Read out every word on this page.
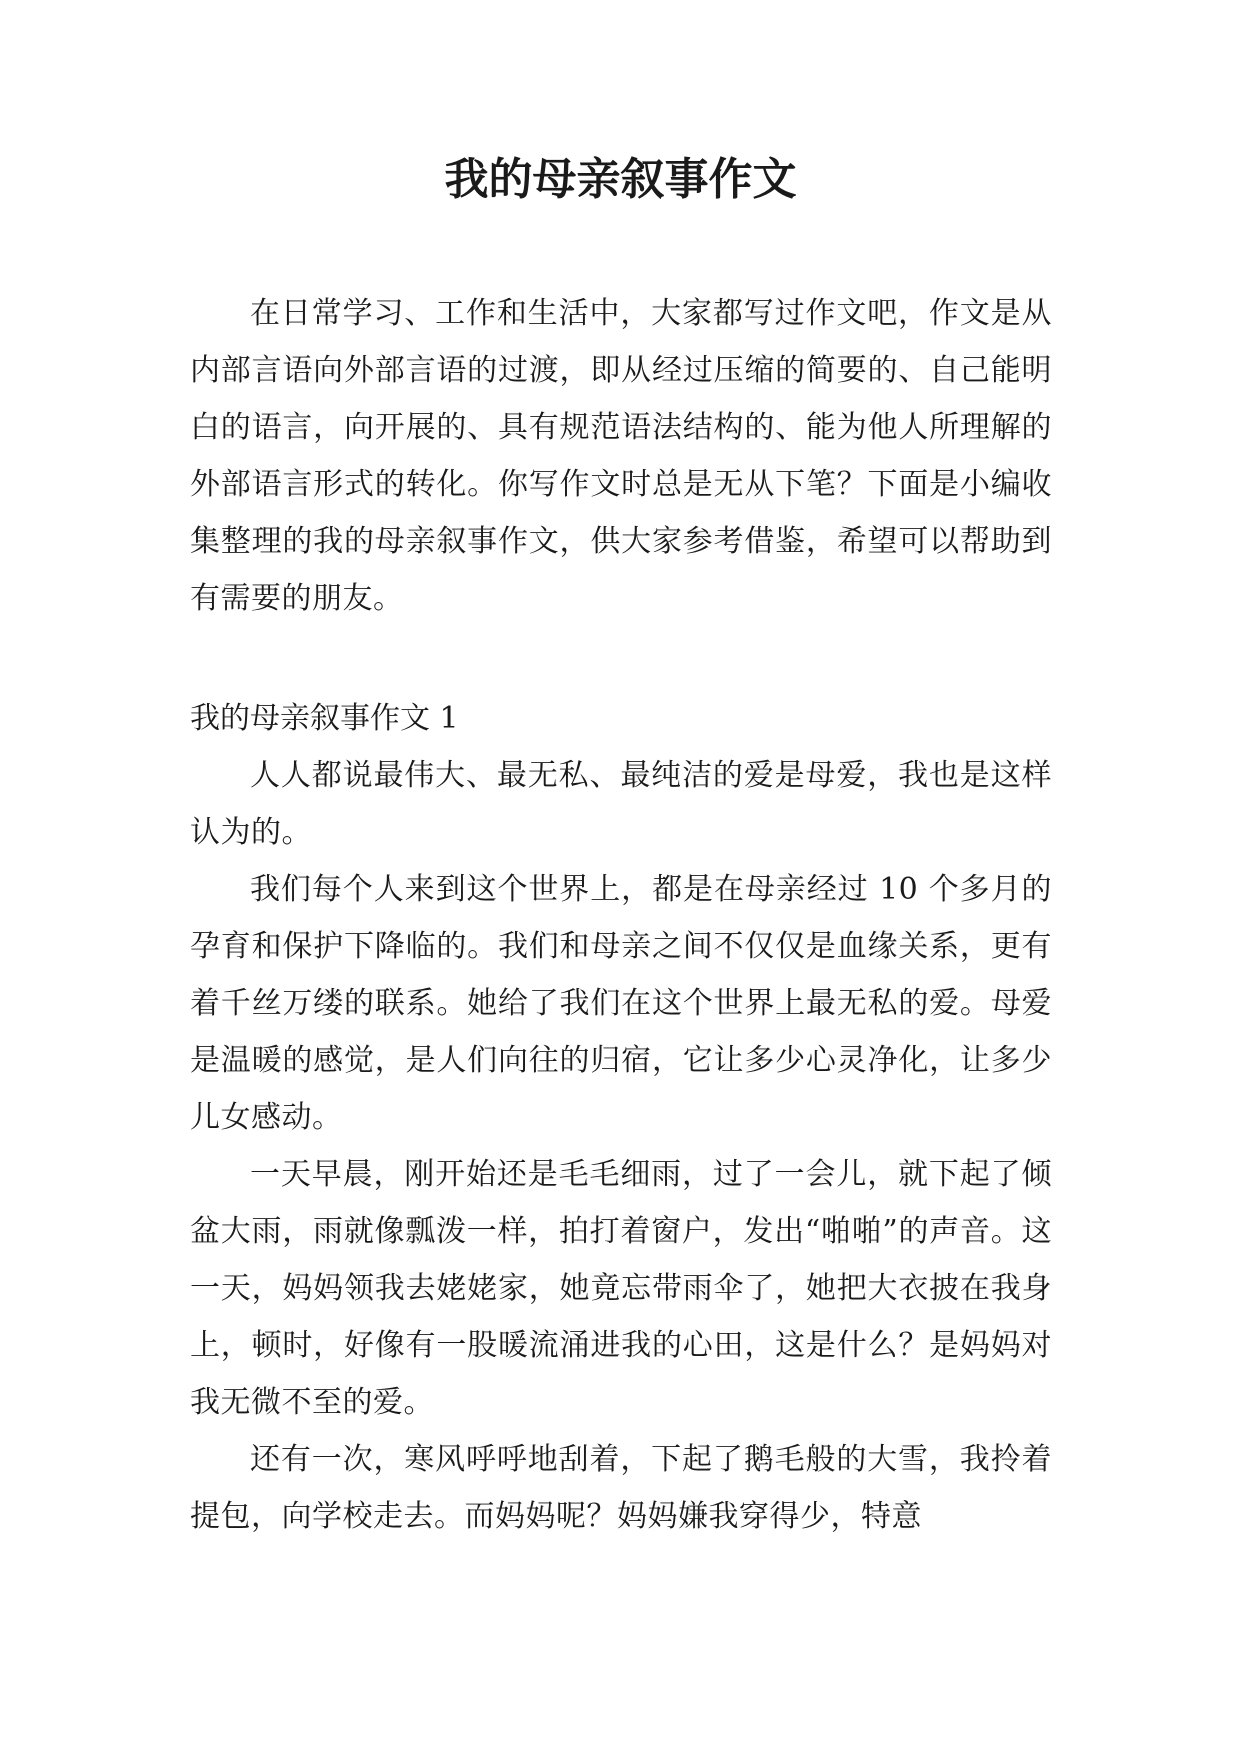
我的母亲叙事作文

在日常学习、工作和生活中，大家都写过作文吧，作文是从内部言语向外部言语的过渡，即从经过压缩的简要的、自己能明白的语言，向开展的、具有规范语法结构的、能为他人所理解的外部语言形式的转化。你写作文时总是无从下笔？下面是小编收集整理的我的母亲叙事作文，供大家参考借鉴，希望可以帮助到有需要的朋友。

我的母亲叙事作文 1

人人都说最伟大、最无私、最纯洁的爱是母爱，我也是这样认为的。

我们每个人来到这个世界上，都是在母亲经过 10 个多月的孕育和保护下降临的。我们和母亲之间不仅仅是血缘关系，更有着千丝万缕的联系。她给了我们在这个世界上最无私的爱。母爱是温暖的感觉，是人们向往的归宿，它让多少心灵净化，让多少儿女感动。

一天早晨，刚开始还是毛毛细雨，过了一会儿，就下起了倾盆大雨，雨就像瓢泼一样，拍打着窗户，发出“啪啪”的声音。这一天，妈妈领我去姥姥家，她竟忘带雨伞了，她把大衣披在我身上，顿时，好像有一股暖流涌进我的心田，这是什么？是妈妈对我无微不至的爱。

还有一次，寒风呼呼地刮着，下起了鹅毛般的大雪，我拎着提包，向学校走去。而妈妈呢？妈妈嫌我穿得少，特意
